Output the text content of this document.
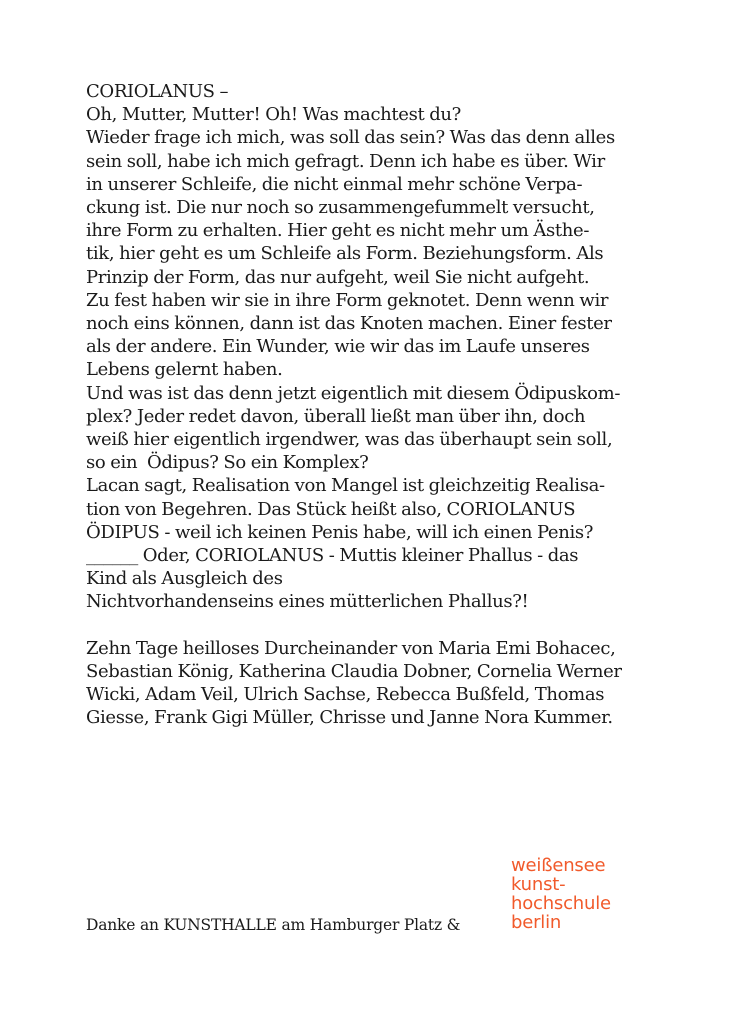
CORIOLANUS –
Oh, Mutter, Mutter! Oh! Was machtest du?
Wieder frage ich mich, was soll das sein? Was das denn alles
sein soll, habe ich mich gefragt. Denn ich habe es über. Wir
in unserer Schleife, die nicht einmal mehr schöne Verpa-
ckung ist. Die nur noch so zusammengefummelt versucht,
ihre Form zu erhalten. Hier geht es nicht mehr um Ästhe-
tik, hier geht es um Schleife als Form. Beziehungsform. Als
Prinzip der Form, das nur aufgeht, weil Sie nicht aufgeht.
Zu fest haben wir sie in ihre Form geknotet. Denn wenn wir
noch eins können, dann ist das Knoten machen. Einer fester
als der andere. Ein Wunder, wie wir das im Laufe unseres
Lebens gelernt haben.
Und was ist das denn jetzt eigentlich mit diesem Ödipuskom-
plex? Jeder redet davon, überall ließt man über ihn, doch
weiß hier eigentlich irgendwer, was das überhaupt sein soll,
so ein  Ödipus? So ein Komplex?
Lacan sagt, Realisation von Mangel ist gleichzeitig Realisa-
tion von Begehren. Das Stück heißt also, CORIOLANUS
ÖDIPUS - weil ich keinen Penis habe, will ich einen Penis?
______ Oder, CORIOLANUS - Muttis kleiner Phallus - das
Kind als Ausgleich des
Nichtvorhandenseins eines mütterlichen Phallus?!
Zehn Tage heilloses Durcheinander von Maria Emi Bohacec,
Sebastian König, Katherina Claudia Dobner, Cornelia Werner
Wicki, Adam Veil, Ulrich Sachse, Rebecca Bußfeld, Thomas
Giesse, Frank Gigi Müller, Chrisse und Janne Nora Kummer.
Danke an KUNSTHALLE am Hamburger Platz &
weißensee
kunst-
hochschule
berlin
